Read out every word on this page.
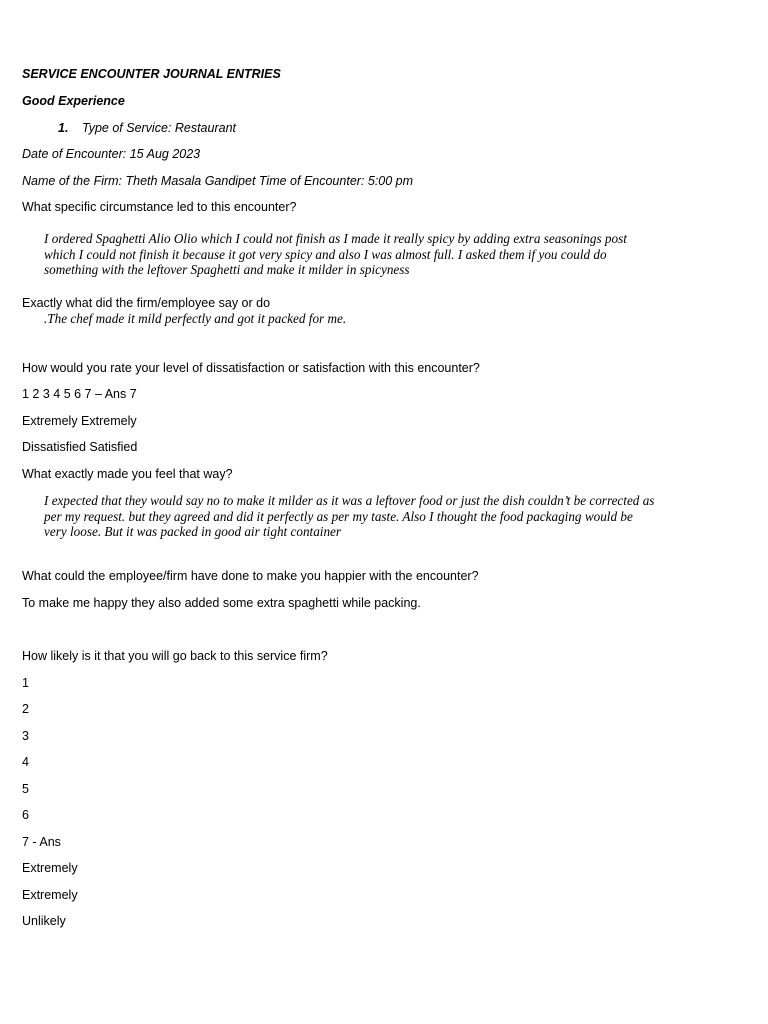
SERVICE ENCOUNTER JOURNAL ENTRIES
Good Experience
1. Type of Service: Restaurant
Date of Encounter: 15 Aug 2023
Name of the Firm: Theth Masala Gandipet Time of Encounter: 5:00 pm
What specific circumstance led to this encounter?
I ordered Spaghetti Alio Olio which I could not finish as I made it really spicy by adding extra seasonings post
which I could not finish it because it got very spicy and also I was almost full. I asked them if you could do
something with the leftover Spaghetti and make it milder in spicyness
Exactly what did the firm/employee say or do
.The chef made it mild perfectly and got it packed for me.
How would you rate your level of dissatisfaction or satisfaction with this encounter?
1 2 3 4 5 6 7 – Ans 7
Extremely Extremely
Dissatisfied Satisfied
What exactly made you feel that way?
I expected that they would say no to make it milder as it was a leftover food or just the dish couldn’t be corrected as
per my request. but they agreed and did it perfectly as per my taste. Also I thought the food packaging would be
very loose. But it was packed in good air tight container
What could the employee/firm have done to make you happier with the encounter?
To make me happy they also added some extra spaghetti while packing.
How likely is it that you will go back to this service firm?
1
2
3
4
5
6
7 - Ans
Extremely
Extremely
Unlikely
